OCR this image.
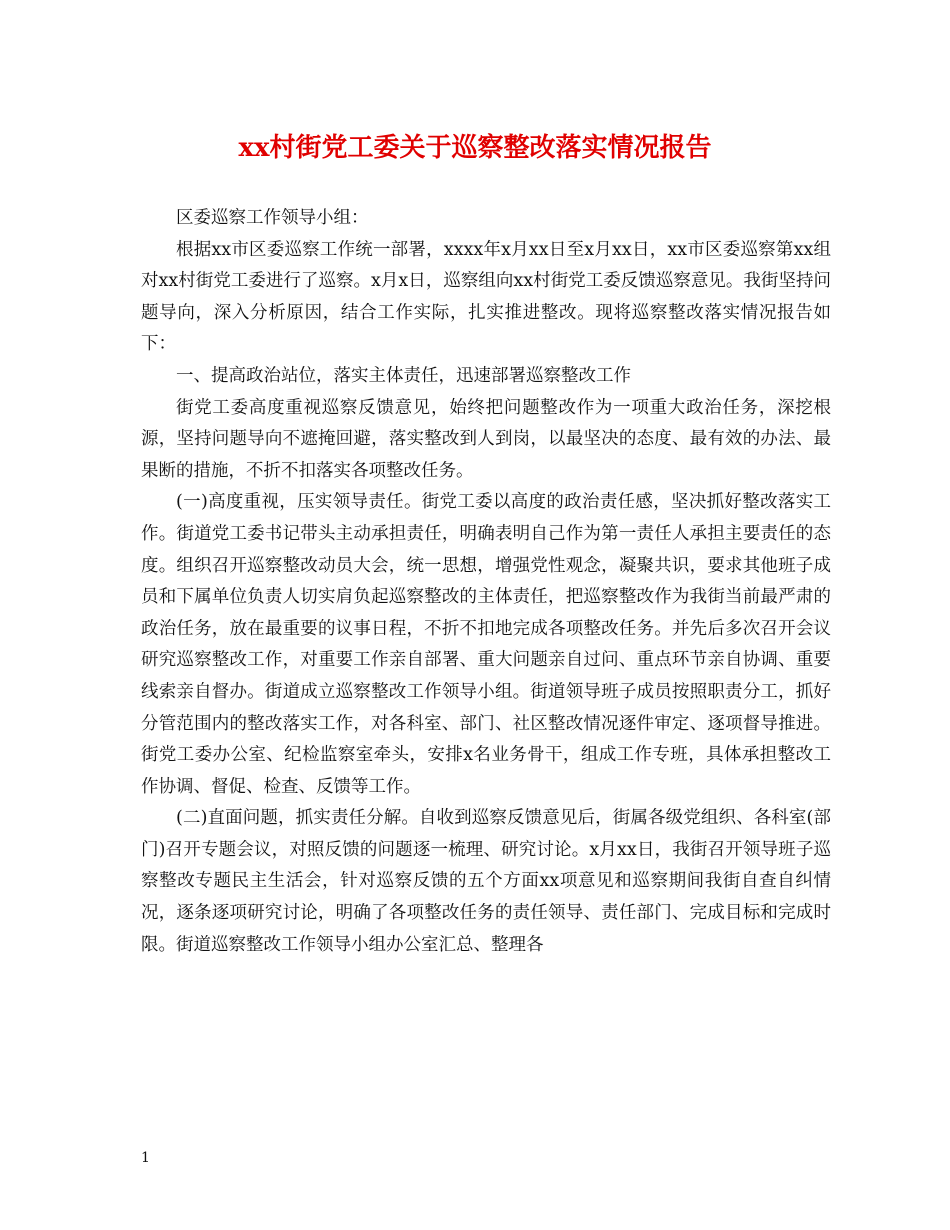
xx村街党工委关于巡察整改落实情况报告

区委巡察工作领导小组：

根据xx市区委巡察工作统一部署，xxxx年x月xx日至x月xx日，xx市区委巡察第xx组对xx村街党工委进行了巡察。x月x日，巡察组向xx村街党工委反馈巡察意见。我街坚持问题导向，深入分析原因，结合工作实际，扎实推进整改。现将巡察整改落实情况报告如下：

一、提高政治站位，落实主体责任，迅速部署巡察整改工作

街党工委高度重视巡察反馈意见，始终把问题整改作为一项重大政治任务，深挖根源，坚持问题导向不遮掩回避，落实整改到人到岗，以最坚决的态度、最有效的办法、最果断的措施，不折不扣落实各项整改任务。

(一)高度重视，压实领导责任。街党工委以高度的政治责任感，坚决抓好整改落实工作。街道党工委书记带头主动承担责任，明确表明自己作为第一责任人承担主要责任的态度。组织召开巡察整改动员大会，统一思想，增强党性观念，凝聚共识，要求其他班子成员和下属单位负责人切实肩负起巡察整改的主体责任，把巡察整改作为我街当前最严肃的政治任务，放在最重要的议事日程，不折不扣地完成各项整改任务。并先后多次召开会议研究巡察整改工作，对重要工作亲自部署、重大问题亲自过问、重点环节亲自协调、重要线索亲自督办。街道成立巡察整改工作领导小组。街道领导班子成员按照职责分工，抓好分管范围内的整改落实工作，对各科室、部门、社区整改情况逐件审定、逐项督导推进。街党工委办公室、纪检监察室牵头，安排x名业务骨干，组成工作专班，具体承担整改工作协调、督促、检查、反馈等工作。

(二)直面问题，抓实责任分解。自收到巡察反馈意见后，街属各级党组织、各科室(部门)召开专题会议，对照反馈的问题逐一梳理、研究讨论。x月xx日，我街召开领导班子巡察整改专题民主生活会，针对巡察反馈的五个方面xx项意见和巡察期间我街自查自纠情况，逐条逐项研究讨论，明确了各项整改任务的责任领导、责任部门、完成目标和完成时限。街道巡察整改工作领导小组办公室汇总、整理各

1
